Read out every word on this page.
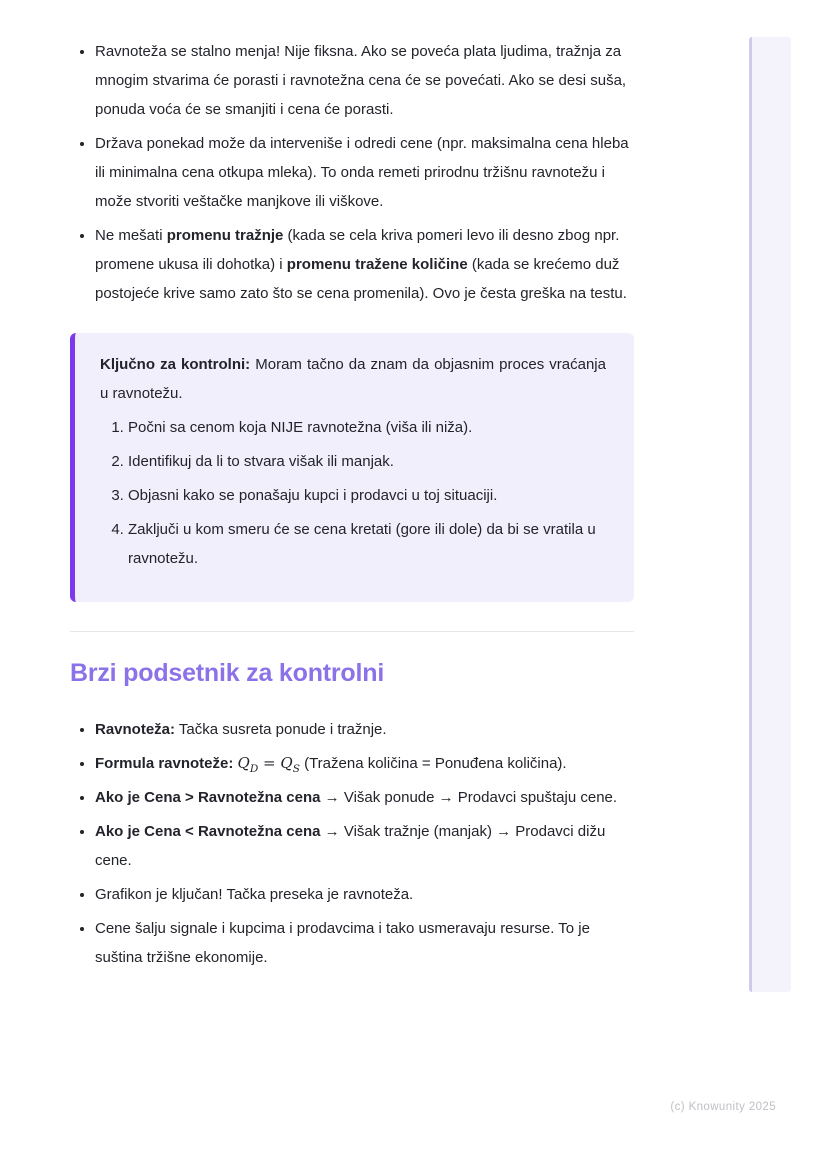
• Ravnoteža se stalno menja! Nije fiksna. Ako se poveća plata ljudima, tražnja za mnogim stvarima će porasti i ravnotežna cena će se povećati. Ako se desi suša, ponuda voća će se smanjiti i cena će porasti.
• Država ponekad može da interveniše i odredi cene (npr. maksimalna cena hleba ili minimalna cena otkupa mleka). To onda remeti prirodnu tržišnu ravnotežu i može stvoriti veštačke manjkove ili viškove.
• Ne mešati promenu tražnje (kada se cela kriva pomeri levo ili desno zbog npr. promene ukusa ili dohotka) i promenu tražene količine (kada se krećemo duž postojeće krive samo zato što se cena promenila). Ovo je česta greška na testu.

Ključno za kontrolni: Moram tačno da znam da objasnim proces vraćanja u ravnotežu.

1. Počni sa cenom koja NIJE ravnotežna (viša ili niža).
2. Identifikuj da li to stvara višak ili manjak.
3. Objasni kako se ponašaju kupci i prodavci u toj situaciji.
4. Zaključi u kom smeru će se cena kretati (gore ili dole) da bi se vratila u ravnotežu.
Brzi podsetnik za kontrolni
• Ravnoteža: Tačka susreta ponude i tražnje.
• Formula ravnoteže: $Q_D = Q_S$ (Tražena količina = Ponuđena količina).
• Ako je Cena > Ravnotežna cena → Višak ponude → Prodavci spuštaju cene.
• Ako je Cena < Ravnotežna cena → Višak tražnje (manjak) → Prodavci dižu cene.
• Grafikon je ključan! Tačka preseka je ravnoteža.
• Cene šalju signale i kupcima i prodavcima i tako usmeravaju resurse. To je suština tržišne ekonomije.
(c) Knowunity 2025
